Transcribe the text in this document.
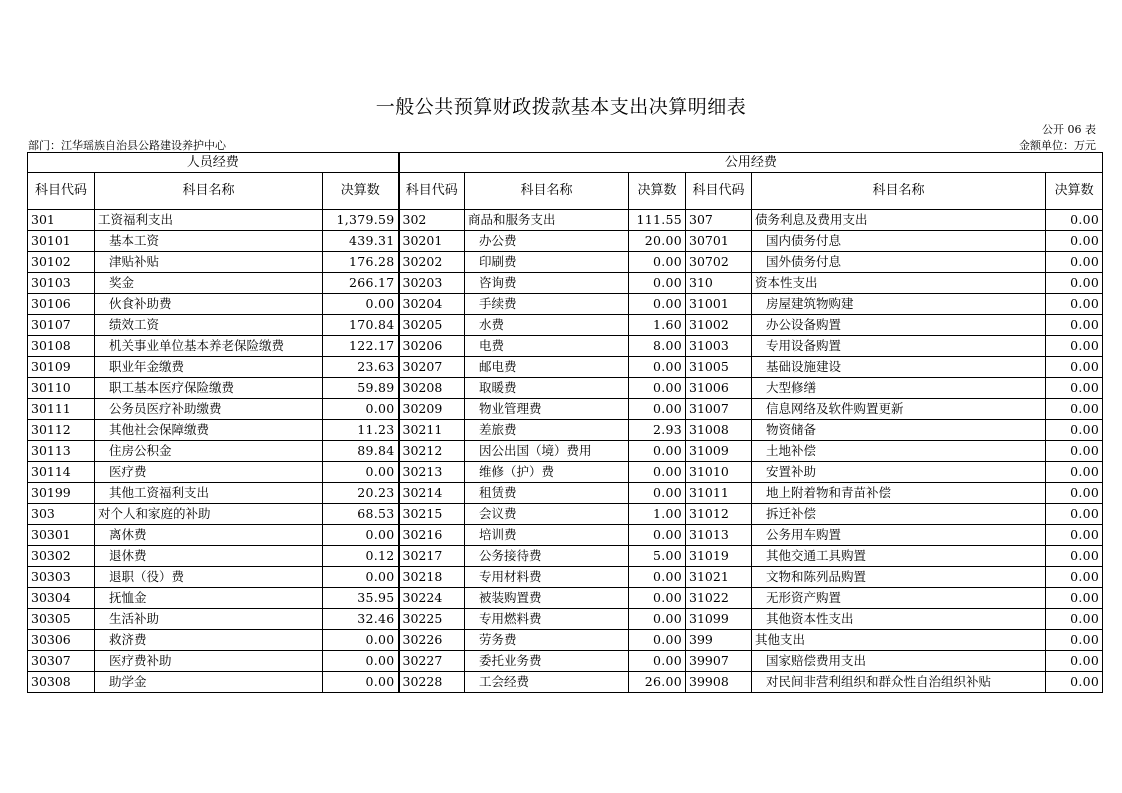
一般公共预算财政拨款基本支出决算明细表
公开 06 表
部门：江华瑶族自治县公路建设养护中心	金额单位：万元
人员经费			公用经费					
科目代码	科目名称	决算数	科目代码	科目名称	决算数	科目代码	科目名称	决算数
301	工资福利支出	1,379.59	302	商品和服务支出	111.55	307	债务利息及费用支出	0.00
30101	基本工资	439.31	30201	办公费	20.00	30701	国内债务付息	0.00
30102	津贴补贴	176.28	30202	印刷费	0.00	30702	国外债务付息	0.00
30103	奖金	266.17	30203	咨询费	0.00	310	资本性支出	0.00
30106	伙食补助费	0.00	30204	手续费	0.00	31001	房屋建筑物购建	0.00
30107	绩效工资	170.84	30205	水费	1.60	31002	办公设备购置	0.00
30108	机关事业单位基本养老保险缴费	122.17	30206	电费	8.00	31003	专用设备购置	0.00
30109	职业年金缴费	23.63	30207	邮电费	0.00	31005	基础设施建设	0.00
30110	职工基本医疗保险缴费	59.89	30208	取暖费	0.00	31006	大型修缮	0.00
30111	公务员医疗补助缴费	0.00	30209	物业管理费	0.00	31007	信息网络及软件购置更新	0.00
30112	其他社会保障缴费	11.23	30211	差旅费	2.93	31008	物资储备	0.00
30113	住房公积金	89.84	30212	因公出国（境）费用	0.00	31009	土地补偿	0.00
30114	医疗费	0.00	30213	维修（护）费	0.00	31010	安置补助	0.00
30199	其他工资福利支出	20.23	30214	租赁费	0.00	31011	地上附着物和青苗补偿	0.00
303	对个人和家庭的补助	68.53	30215	会议费	1.00	31012	拆迁补偿	0.00
30301	离休费	0.00	30216	培训费	0.00	31013	公务用车购置	0.00
30302	退休费	0.12	30217	公务接待费	5.00	31019	其他交通工具购置	0.00
30303	退职（役）费	0.00	30218	专用材料费	0.00	31021	文物和陈列品购置	0.00
30304	抚恤金	35.95	30224	被装购置费	0.00	31022	无形资产购置	0.00
30305	生活补助	32.46	30225	专用燃料费	0.00	31099	其他资本性支出	0.00
30306	救济费	0.00	30226	劳务费	0.00	399	其他支出	0.00
30307	医疗费补助	0.00	30227	委托业务费	0.00	39907	国家赔偿费用支出	0.00
30308	助学金	0.00	30228	工会经费	26.00	39908	对民间非营利组织和群众性自治组织补贴	0.00
